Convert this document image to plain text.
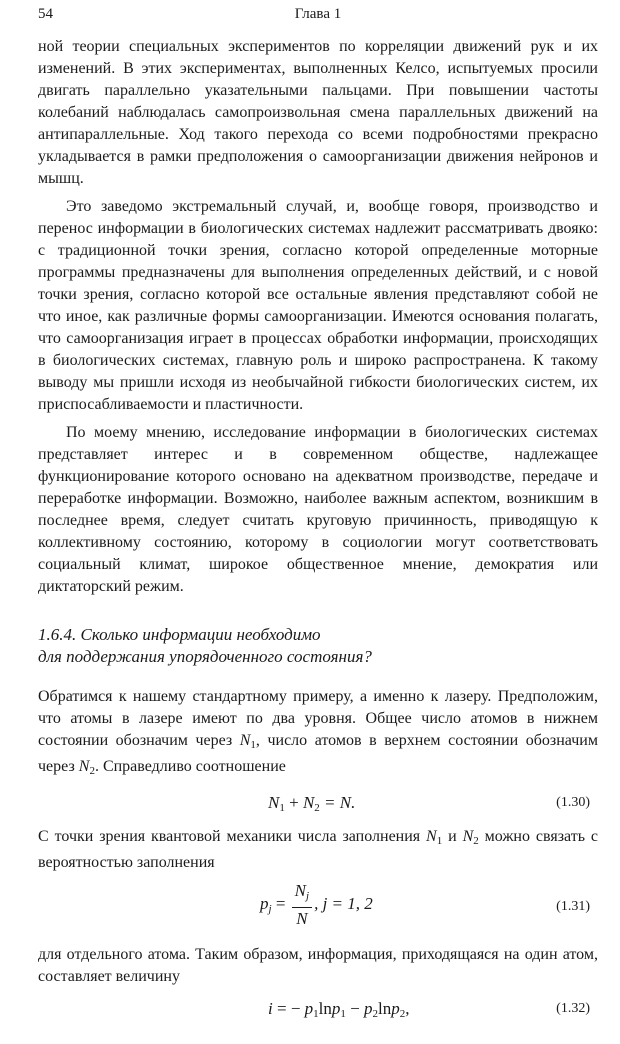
54	Глава 1

ной теории специальных экспериментов по корреляции движений рук и их изменений. В этих экспериментах, выполненных Келсо, испытуемых просили двигать параллельно указательными пальцами. При повышении частоты колебаний наблюдалась самопроизвольная смена параллельных движений на антипараллельные. Ход такого перехода со всеми подробностями прекрасно укладывается в рамки предположения о самоорганизации движения нейронов и мышц.

Это заведомо экстремальный случай, и, вообще говоря, производство и перенос информации в биологических системах надлежит рассматривать двояко: с традиционной точки зрения, согласно которой определенные моторные программы предназначены для выполнения определенных действий, и с новой точки зрения, согласно которой все остальные явления представляют собой не что иное, как различные формы самоорганизации. Имеются основания полагать, что самоорганизация играет в процессах обработки информации, происходящих в биологических системах, главную роль и широко распространена. К такому выводу мы пришли исходя из необычайной гибкости биологических систем, их приспосабливаемости и пластичности.

По моему мнению, исследование информации в биологических системах представляет интерес и в современном обществе, надлежащее функционирование которого основано на адекватном производстве, передаче и переработке информации. Возможно, наиболее важным аспектом, возникшим в последнее время, следует считать круговую причинность, приводящую к коллективному состоянию, которому в социологии могут соответствовать социальный климат, широкое общественное мнение, демократия или диктаторский режим.

1.6.4. Сколько информации необходимо
для поддержания упорядоченного состояния?

Обратимся к нашему стандартному примеру, а именно к лазеру. Предположим, что атомы в лазере имеют по два уровня. Общее число атомов в нижнем состоянии обозначим через $N_1$, число атомов в верхнем состоянии обозначим через $N_2$. Справедливо соотношение

$N_1 + N_2 = N$.	(1.30)

С точки зрения квантовой механики числа заполнения $N_1$ и $N_2$ можно связать с вероятностью заполнения

$p_j = \frac{N_j}{N}$ , j = 1, 2	(1.31)

для отдельного атома. Таким образом, информация, приходящаяся на один атом, составляет величину

i = − $p_1\ln p_1 - p_2\ln p_2$,	(1.32)
